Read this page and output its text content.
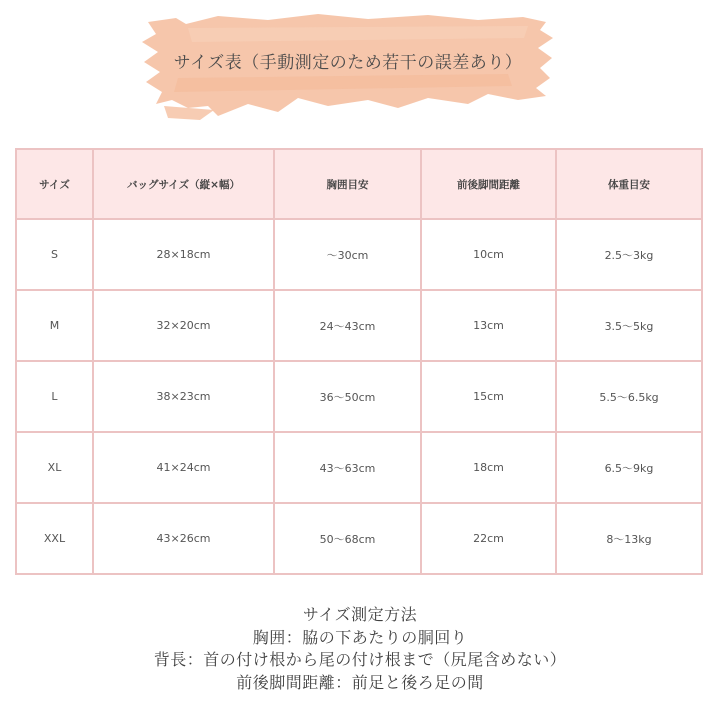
サイズ表（手動測定のため若干の誤差あり）
サイズ	バッグサイズ（縦×幅）	胸囲目安	前後脚間距離	体重目安
S	28×18cm	〜30cm	10cm	2.5〜3kg
M	32×20cm	24〜43cm	13cm	3.5〜5kg
L	38×23cm	36〜50cm	15cm	5.5〜6.5kg
XL	41×24cm	43〜63cm	18cm	6.5〜9kg
XXL	43×26cm	50〜68cm	22cm	8〜13kg
サイズ測定方法
胸囲：脇の下あたりの胴回り
背長：首の付け根から尾の付け根まで（尻尾含めない）
前後脚間距離：前足と後ろ足の間
